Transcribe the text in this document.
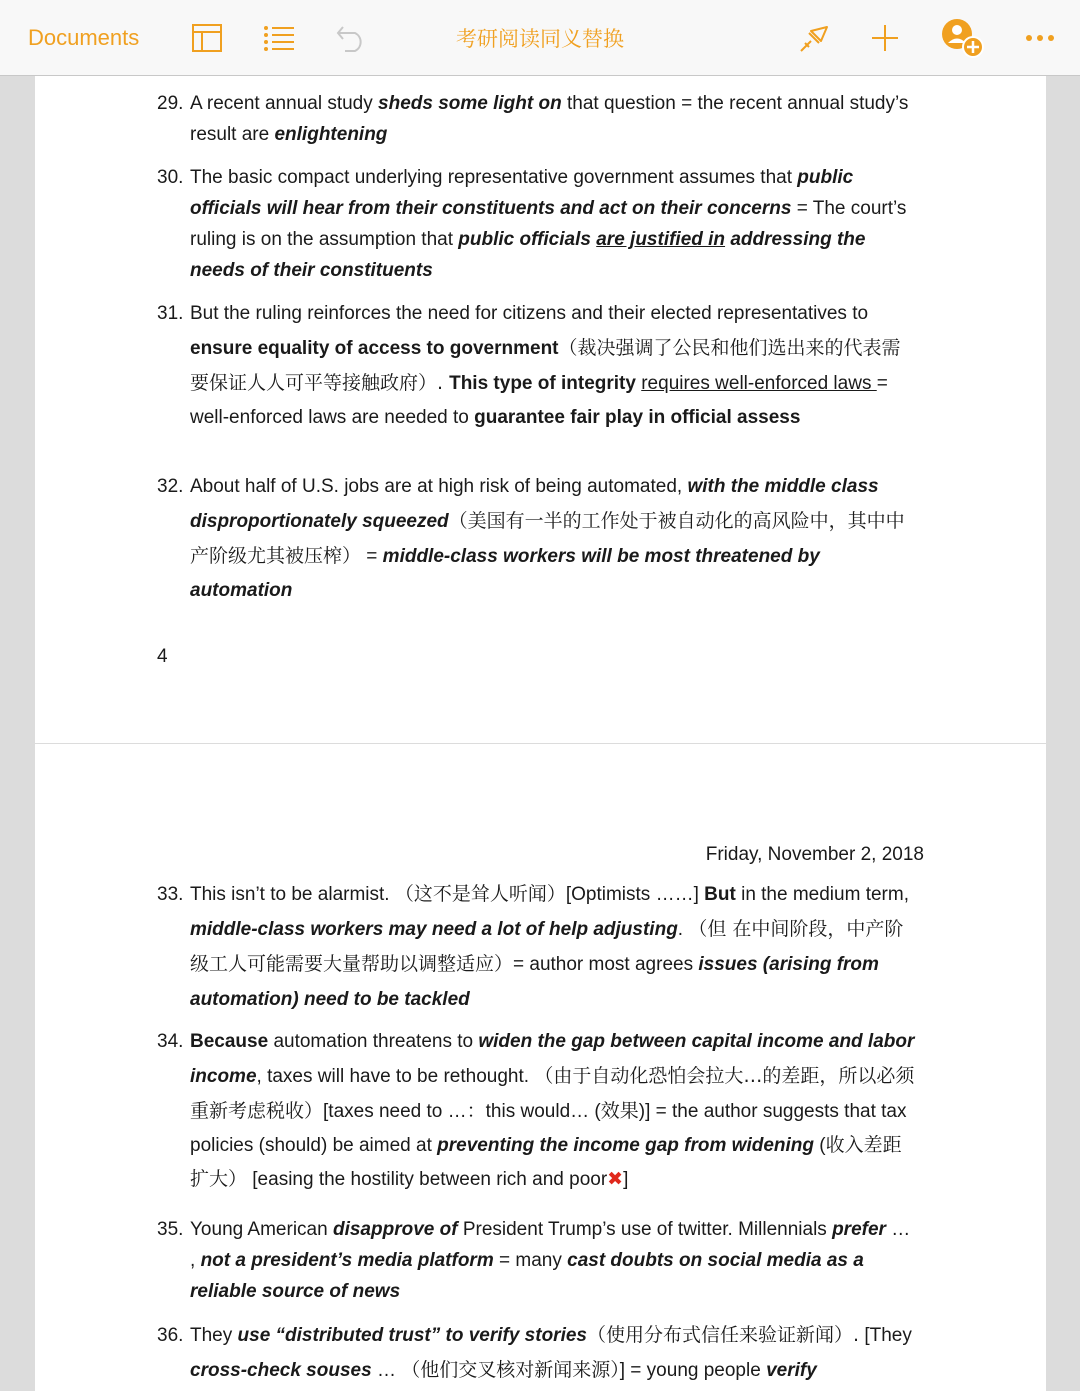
Documents	考研阅读同义替换
29. A recent annual study sheds some light on that question = the recent annual study’s result are enlightening
30. The basic compact underlying representative government assumes that public officials will hear from their constituents and act on their concerns = The court’s ruling is on the assumption that public officials are justified in addressing the needs of their constituents
31. But the ruling reinforces the need for citizens and their elected representatives to ensure equality of access to government（裁决强调了公民和他们选出来的代表需要保证人人可平等接触政府）. This type of integrity requires well-enforced laws = well-enforced laws are needed to guarantee fair play in official assess
32. About half of U.S. jobs are at high risk of being automated, with the middle class disproportionately squeezed（美国有一半的工作处于被自动化的高风险中，其中中产阶级尤其被压榨） = middle-class workers will be most threatened by automation
4
Friday, November 2, 2018
33. This isn’t to be alarmist. （这不是耸人听闻）[Optimists ……] But in the medium term, middle-class workers may need a lot of help adjusting. （但 在中间阶段，中产阶级工人可能需要大量帮助以调整适应）= author most agrees issues (arising from automation) need to be tackled
34. Because automation threatens to widen the gap between capital income and labor income, taxes will have to be rethought. （由于自动化恐怕会拉大…的差距，所以必须重新考虑税收）[taxes need to …：this would… (效果)] = the author suggests that tax policies (should) be aimed at preventing the income gap from widening (收入差距扩大） [easing the hostility between rich and poor✖]
35. Young American disapprove of President Trump’s use of twitter. Millennials prefer … , not a president’s media platform = many cast doubts on social media as a reliable source of news
36. They use “distributed trust” to verify stories（使用分布式信任来验证新闻）. [They cross-check souses … （他们交叉核对新闻来源）] = young people verify
